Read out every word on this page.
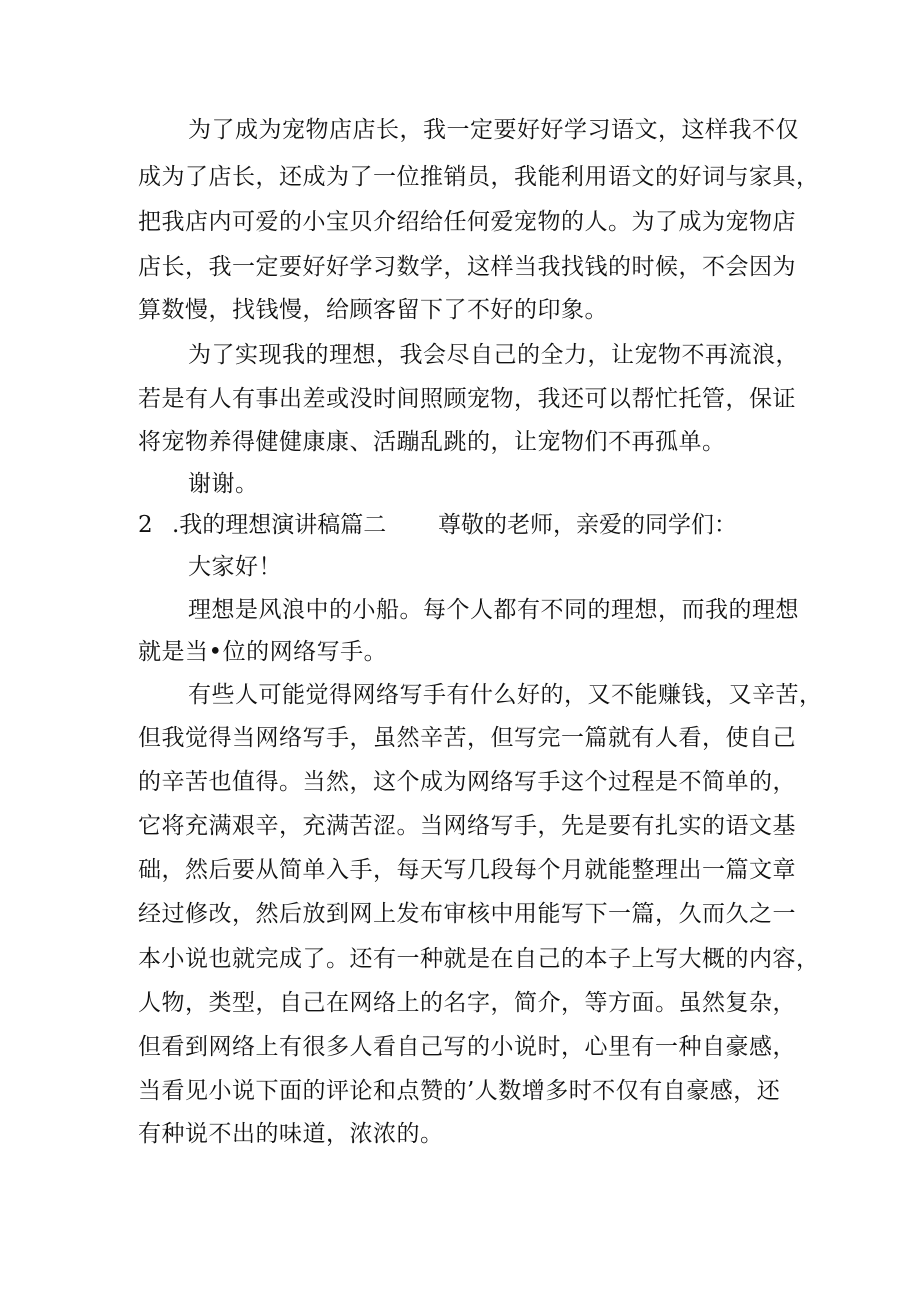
为了成为宠物店店长，我一定要好好学习语文，这样我不仅
成为了店长，还成为了一位推销员，我能利用语文的好词与家具，
把我店内可爱的小宝贝介绍给任何爱宠物的人。为了成为宠物店
店长，我一定要好好学习数学，这样当我找钱的时候，不会因为
算数慢，找钱慢，给顾客留下了不好的印象。
为了实现我的理想，我会尽自己的全力，让宠物不再流浪，
若是有人有事出差或没时间照顾宠物，我还可以帮忙托管，保证
将宠物养得健健康康、活蹦乱跳的，让宠物们不再孤单。
谢谢。
2 .我的理想演讲稿篇二 尊敬的老师，亲爱的同学们：
大家好！
理想是风浪中的小船。每个人都有不同的理想，而我的理想
就是当•位的网络写手。
有些人可能觉得网络写手有什么好的，又不能赚钱，又辛苦，
但我觉得当网络写手，虽然辛苦，但写完一篇就有人看，使自己
的辛苦也值得。当然，这个成为网络写手这个过程是不简单的，
它将充满艰辛，充满苦涩。当网络写手，先是要有扎实的语文基
础，然后要从简单入手，每天写几段每个月就能整理出一篇文章
经过修改，然后放到网上发布审核中用能写下一篇，久而久之一
本小说也就完成了。还有一种就是在自己的本子上写大概的内容，
人物，类型，自己在网络上的名字，简介，等方面。虽然复杂，
但看到网络上有很多人看自己写的小说时，心里有一种自豪感，
当看见小说下面的评论和点赞的’人数增多时不仅有自豪感，还
有种说不出的味道，浓浓的。
